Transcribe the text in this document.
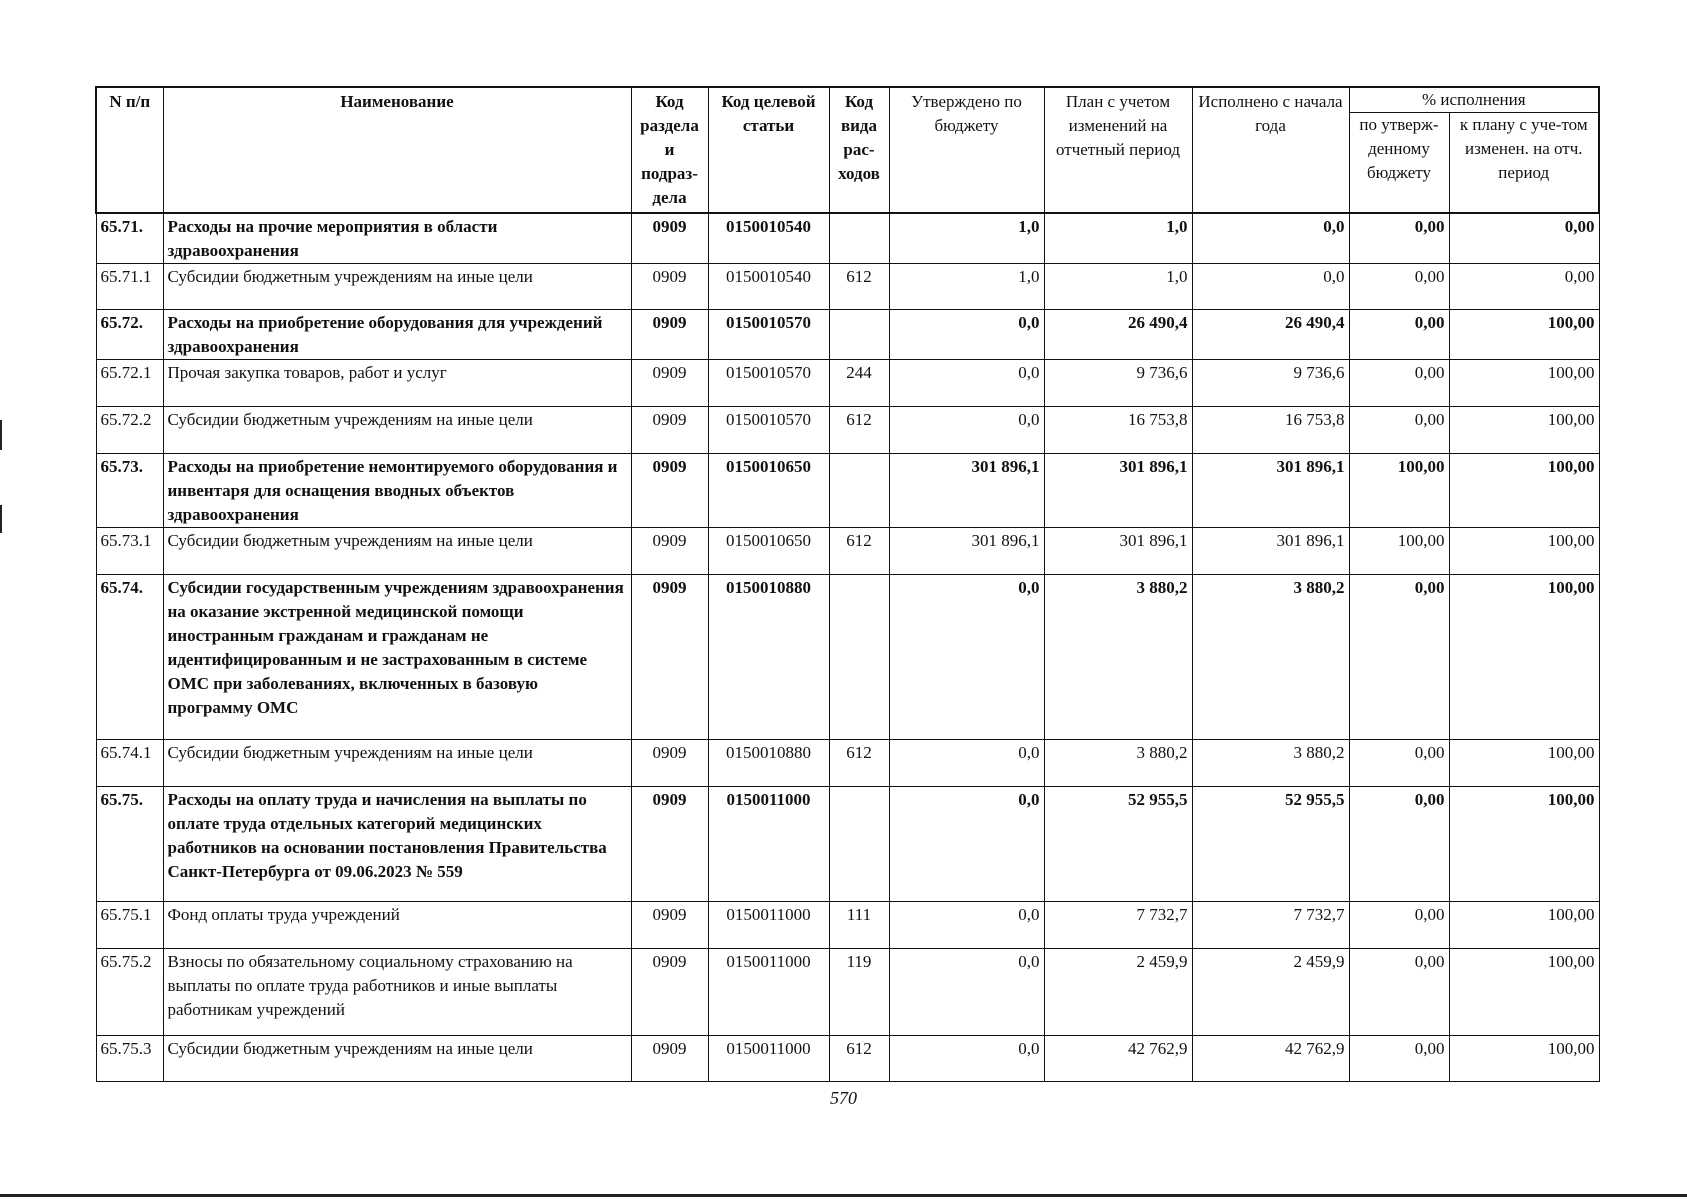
N п/п	Наименование	Код раздела и подраз-дела	Код целевой статьи	Код вида рас-ходов	Утверждено по бюджету	План с учетом изменений на отчетный период	Исполнено с начала года	% исполнения	
								по утверж-денному бюджету	к плану с уче-том изменен. на отч. период
65.71.	Расходы на прочие мероприятия в области здравоохранения	0909	0150010540		1,0	1,0	0,0	0,00	0,00
65.71.1	Субсидии бюджетным учреждениям на иные цели	0909	0150010540	612	1,0	1,0	0,0	0,00	0,00
65.72.	Расходы на приобретение оборудования для учреждений здравоохранения	0909	0150010570		0,0	26 490,4	26 490,4	0,00	100,00
65.72.1	Прочая закупка товаров, работ и услуг	0909	0150010570	244	0,0	9 736,6	9 736,6	0,00	100,00
65.72.2	Субсидии бюджетным учреждениям на иные цели	0909	0150010570	612	0,0	16 753,8	16 753,8	0,00	100,00
65.73.	Расходы на приобретение немонтируемого оборудования и инвентаря для оснащения вводных объектов здравоохранения	0909	0150010650		301 896,1	301 896,1	301 896,1	100,00	100,00
65.73.1	Субсидии бюджетным учреждениям на иные цели	0909	0150010650	612	301 896,1	301 896,1	301 896,1	100,00	100,00
65.74.	Субсидии государственным учреждениям здравоохранения на оказание экстренной медицинской помощи иностранным гражданам и гражданам не идентифицированным и не застрахованным в системе ОМС при заболеваниях, включенных в базовую программу ОМС	0909	0150010880		0,0	3 880,2	3 880,2	0,00	100,00
65.74.1	Субсидии бюджетным учреждениям на иные цели	0909	0150010880	612	0,0	3 880,2	3 880,2	0,00	100,00
65.75.	Расходы на оплату труда и начисления на выплаты по оплате труда отдельных категорий медицинских работников на основании постановления Правительства Санкт-Петербурга от 09.06.2023 № 559	0909	0150011000		0,0	52 955,5	52 955,5	0,00	100,00
65.75.1	Фонд оплаты труда учреждений	0909	0150011000	111	0,0	7 732,7	7 732,7	0,00	100,00
65.75.2	Взносы по обязательному социальному страхованию на выплаты по оплате труда работников и иные выплаты работникам учреждений	0909	0150011000	119	0,0	2 459,9	2 459,9	0,00	100,00
65.75.3	Субсидии бюджетным учреждениям на иные цели	0909	0150011000	612	0,0	42 762,9	42 762,9	0,00	100,00
570
